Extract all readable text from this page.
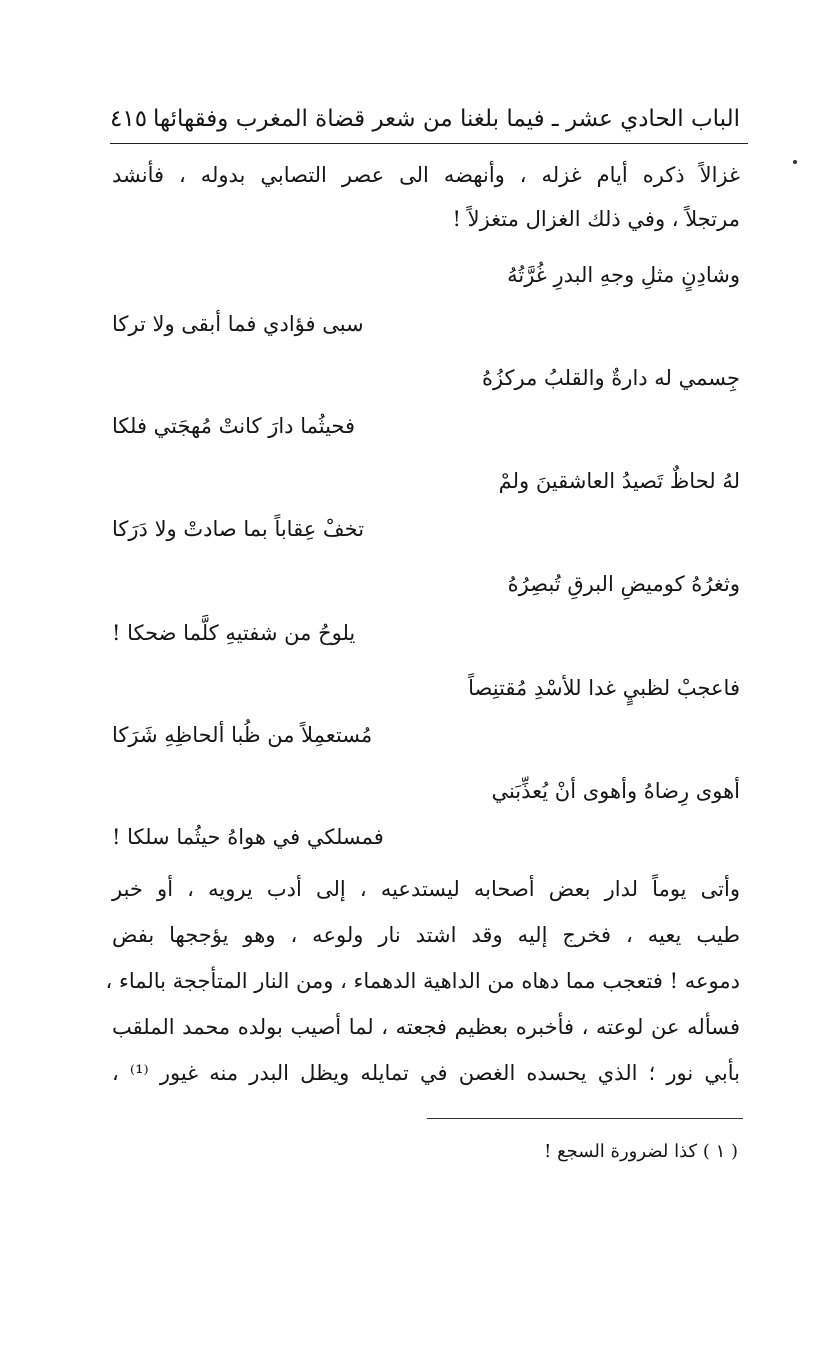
الباب الحادي عشر ـ فيما بلغنا من شعر قضاة المغرب وفقهائها
٤١٥
غزالاً ذكره أيام غزله ، وأنهضه الى عصر التصابي بدوله ، فأنشد
مرتجلاً ، وفي ذلك الغزال متغزلاً !
وشادِنٍ مثلِ وجهِ البدرِ غُرَّتُهُ
سبى فؤادي فما أبقى ولا تركا
جِسمي له دارةٌ والقلبُ مركزُهُ
فحيثُما دارَ كانتْ مُهجَتي فلكا
لهُ لحاظٌ تَصيدُ العاشقينَ ولمْ
تخفْ عِقاباً بما صادتْ ولا دَرَكا
وثغرُهُ كوميضِ البرقِ تُبصِرُهُ
يلوحُ من شفتيهِ كلَّما ضحكا !
فاعجبْ لظبيٍ غدا للأسْدِ مُقتنِصاً
مُستعمِلاً من ظُبا ألحاظِهِ شَرَكا
أهوى رِضاهُ وأهوى أنْ يُعذِّبَني
فمسلكي في هواهُ حيثُما سلكا !
وأتى يوماً لدار بعض أصحابه ليستدعيه ، إلى أدب يرويه ، أو خبر
طيب يعيه ، فخرج إليه وقد اشتد نار ولوعه ، وهو يؤججها بفض
دموعه ! فتعجب مما دهاه من الداهية الدهماء ، ومن النار المتأججة بالماء ،
فسأله عن لوعته ، فأخبره بعظيم فجعته ، لما أصيب بولده محمد الملقب
بأبي نور ؛ الذي يحسده الغصن في تمايله ويظل البدر منه غيور ⁽¹⁾ ،
( ١ ) كذا لضرورة السجع !
